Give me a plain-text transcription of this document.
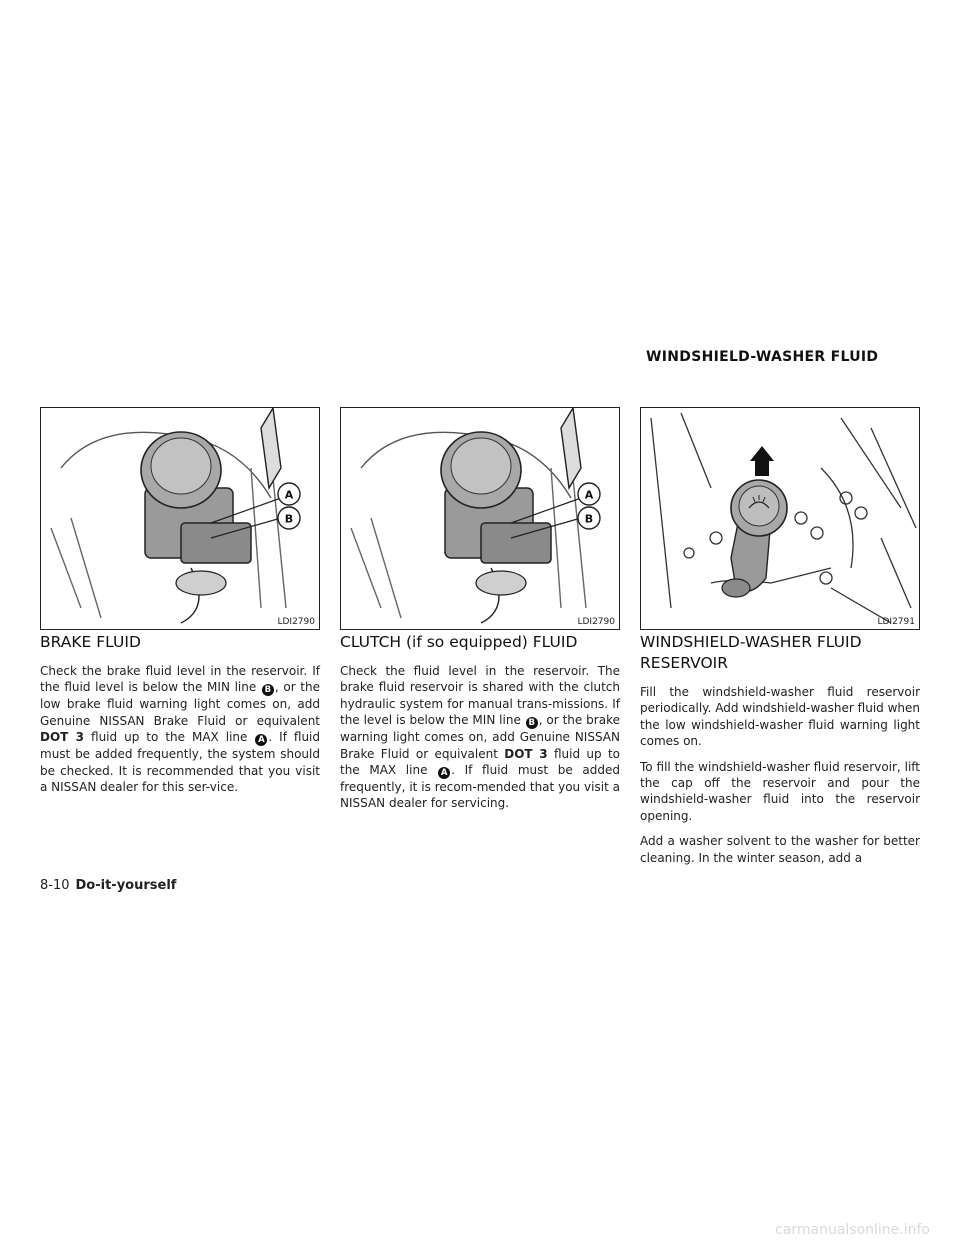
WINDSHIELD-WASHER FLUID
A
B
LDI2790
A
B
LDI2790	LDI2791
BRAKE FLUID

Check the brake fluid level in the reservoir. If the fluid level is below the MIN line B , or the low brake fluid warning light comes on, add Genuine NISSAN Brake Fluid or equivalent DOT 3 fluid up to the MAX line A . If fluid must be added frequently, the system should be checked. It is recommended that you visit a NISSAN dealer for this ser-vice.

CLUTCH (if so equipped) FLUID

Check the fluid level in the reservoir. The brake fluid reservoir is shared with the clutch hydraulic system for manual trans-missions. If the level is below the MIN line B , or the brake warning light comes on, add Genuine NISSAN Brake Fluid or equivalent DOT 3 fluid up to the MAX line A . If fluid must be added frequently, it is recom-mended that you visit a NISSAN dealer for servicing.

WINDSHIELD-WASHER FLUID RESERVOIR

Fill the windshield-washer fluid reservoir periodically. Add windshield-washer fluid when the low windshield-washer fluid warning light comes on.

To fill the windshield-washer fluid reservoir, lift the cap off the reservoir and pour the windshield-washer fluid into the reservoir opening.

Add a washer solvent to the washer for better cleaning. In the winter season, add a

8-10 Do-it-yourself
carmanualsonline.info
